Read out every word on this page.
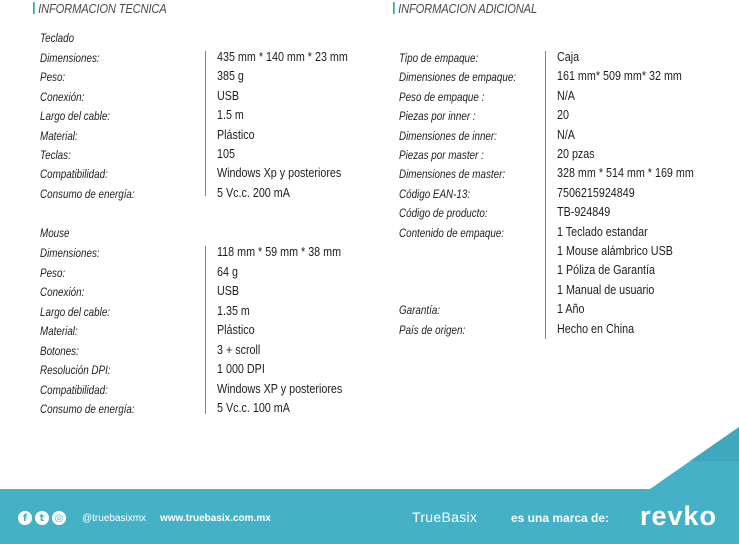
INFORMACION TECNICA
Teclado
Dimensiones:	435 mm * 140 mm * 23 mm
Peso:	385 g
Conexión:	USB
Largo del cable:	1.5 m
Material:	Plástico
Teclas:	105
Compatibilidad:	Windows Xp y posteriores
Consumo de energía:	5 Vc.c. 200 mA
Mouse
Dimensiones:	118 mm * 59 mm * 38 mm
Peso:	64 g
Conexión:	USB
Largo del cable:	1.35 m
Material:	Plástico
Botones:	3 + scroll
Resolución DPI:	1 000 DPI
Compatibilidad:	Windows XP y posteriores
Consumo de energía:	5 Vc.c. 100 mA
INFORMACION ADICIONAL
Tipo de empaque:	Caja
Dimensiones de empaque:	161 mm* 509 mm* 32 mm
Peso de empaque :	N/A
Piezas por inner :	20
Dimensiones de inner:	N/A
Piezas por master :	20 pzas
Dimensiones de master:	328 mm * 514 mm * 169 mm
Código EAN-13:	7506215924849
Código de producto:	TB-924849
Contenido de empaque:	1 Teclado estandar
1 Mouse alámbrico USB
1 Póliza de Garantía
1 Manual de usuario
Garantía:	1 Año
País de origen:	Hecho en China
f	t	◎ @truebasixmx www.truebasix.com.mx	TrueBasix	es una marca de: revko
